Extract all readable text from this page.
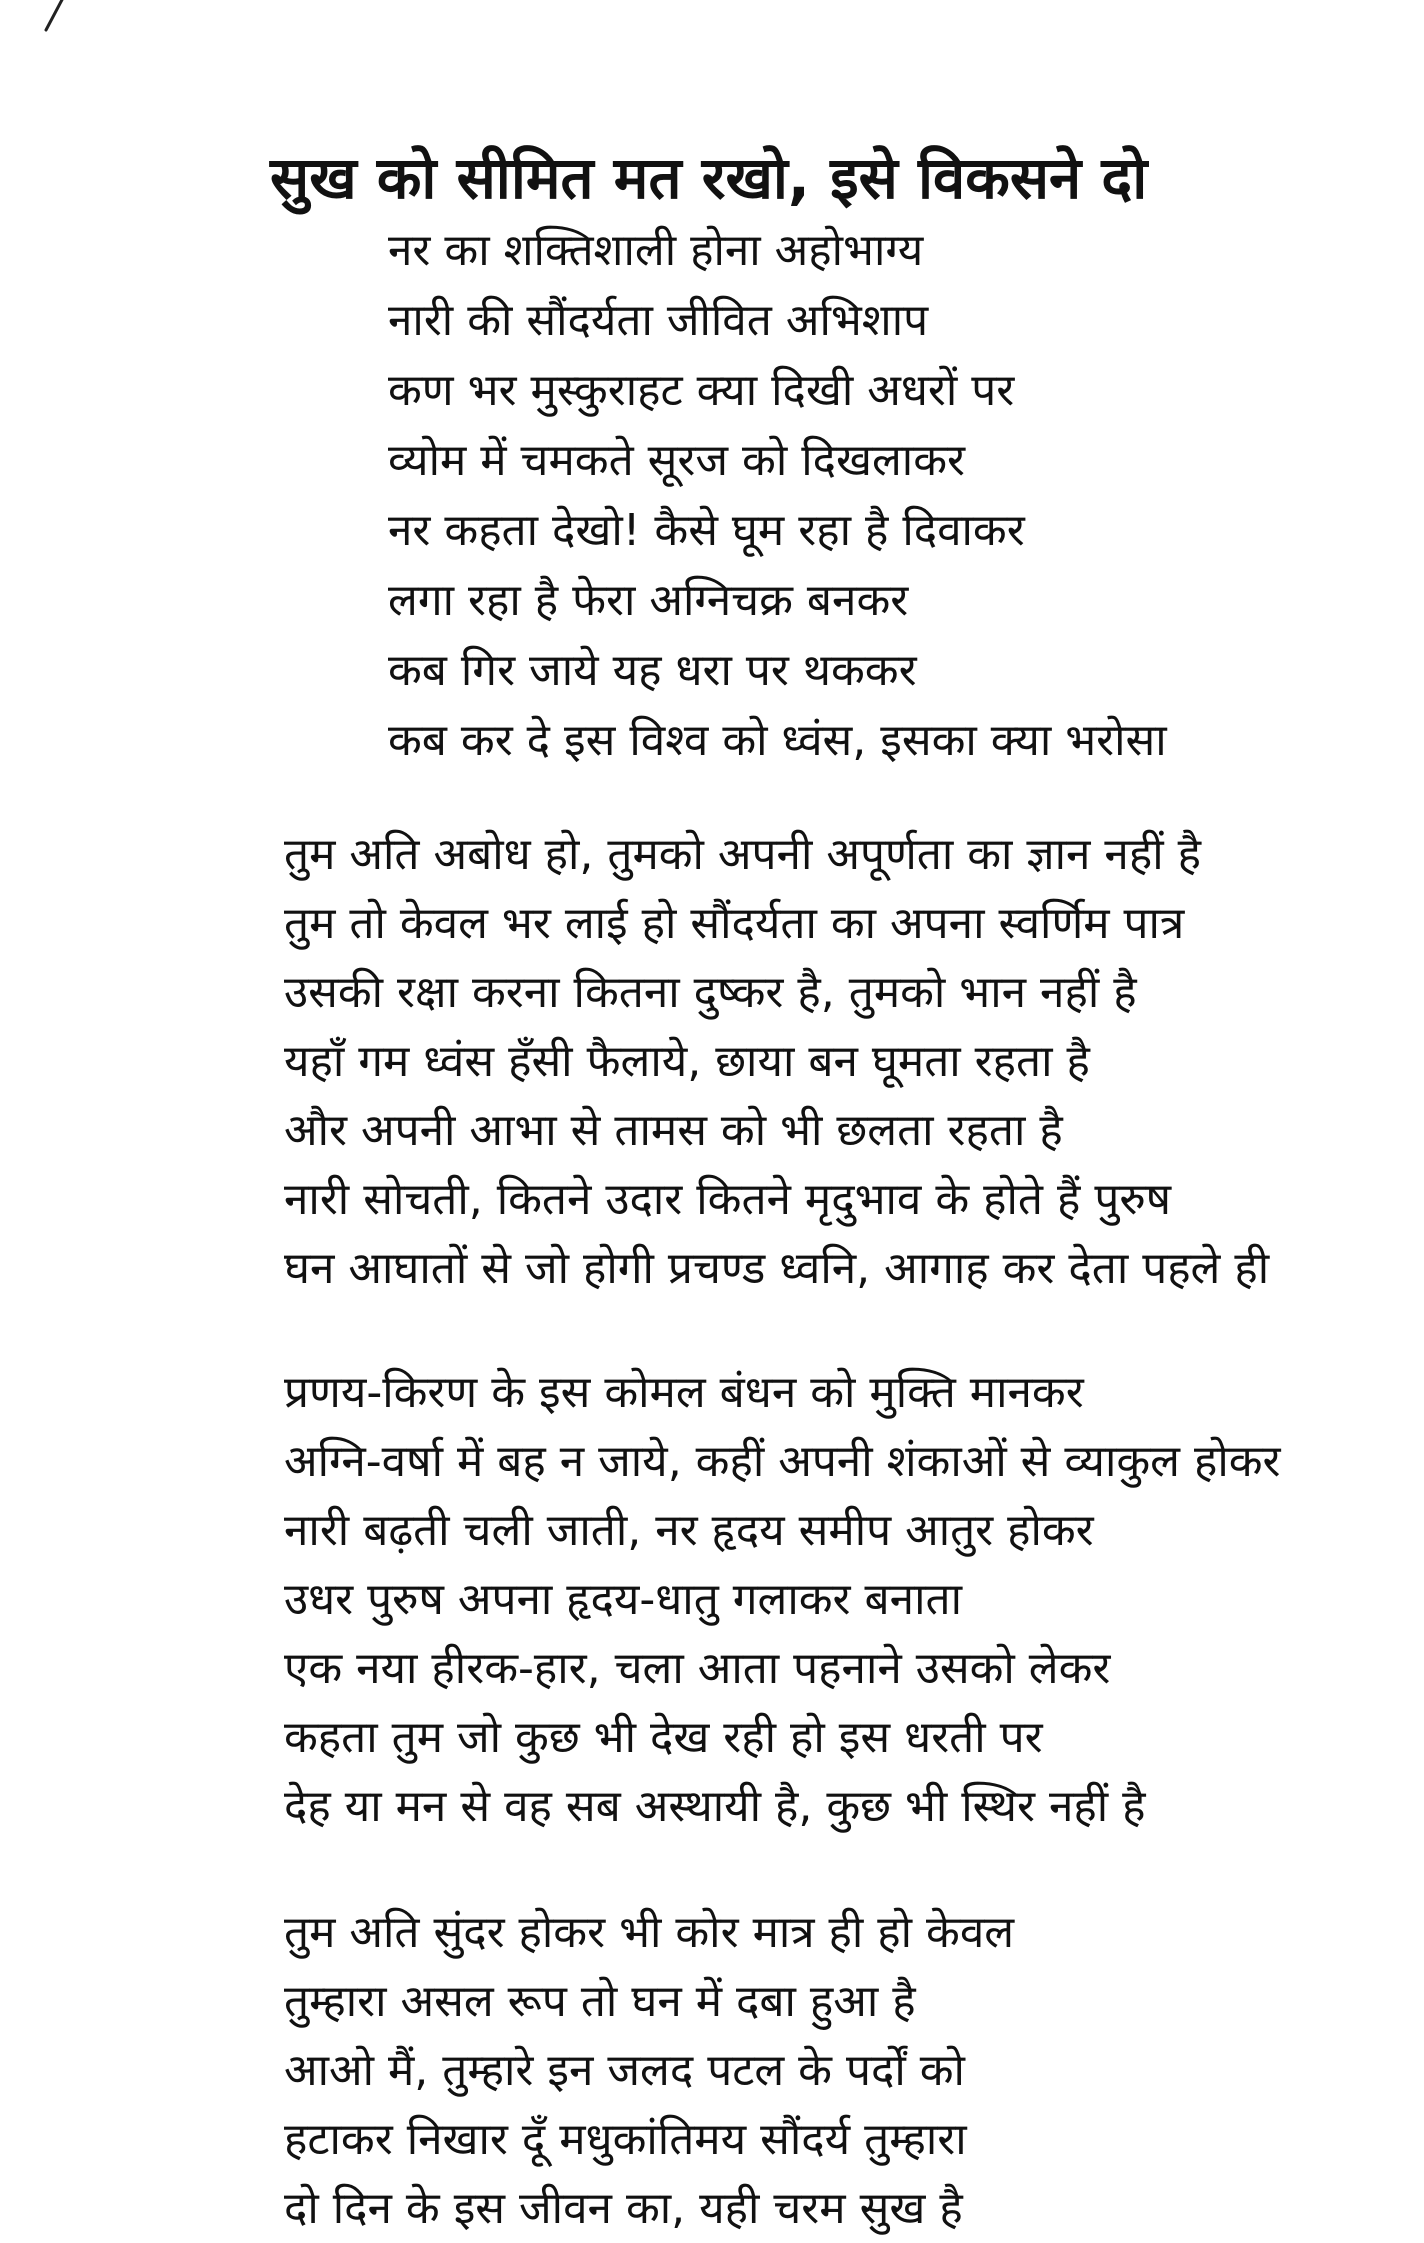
सुख को सीमित मत रखो, इसे विकसने दो
नर का शक्तिशाली होना अहोभाग्य
नारी की सौंदर्यता जीवित अभिशाप
कण भर मुस्कुराहट क्या दिखी अधरों पर
व्योम में चमकते सूरज को दिखलाकर
नर कहता देखो! कैसे घूम रहा है दिवाकर
लगा रहा है फेरा अग्निचक्र बनकर
कब गिर जाये यह धरा पर थककर
कब कर दे इस विश्व को ध्वंस, इसका क्या भरोसा
तुम अति अबोध हो, तुमको अपनी अपूर्णता का ज्ञान नहीं है
तुम तो केवल भर लाई हो सौंदर्यता का अपना स्वर्णिम पात्र
उसकी रक्षा करना कितना दुष्कर है, तुमको भान नहीं है
यहाँ गम ध्वंस हँसी फैलाये, छाया बन घूमता रहता है
और अपनी आभा से तामस को भी छलता रहता है
नारी सोचती, कितने उदार कितने मृदुभाव के होते हैं पुरुष
घन आघातों से जो होगी प्रचण्ड ध्वनि, आगाह कर देता पहले ही
प्रणय-किरण के इस कोमल बंधन को मुक्ति मानकर
अग्नि-वर्षा में बह न जाये, कहीं अपनी शंकाओं से व्याकुल होकर
नारी बढ़ती चली जाती, नर हृदय समीप आतुर होकर
उधर पुरुष अपना हृदय-धातु गलाकर बनाता
एक नया हीरक-हार, चला आता पहनाने उसको लेकर
कहता तुम जो कुछ भी देख रही हो इस धरती पर
देह या मन से वह सब अस्थायी है, कुछ भी स्थिर नहीं है
तुम अति सुंदर होकर भी कोर मात्र ही हो केवल
तुम्हारा असल रूप तो घन में दबा हुआ है
आओ मैं, तुम्हारे इन जलद पटल के पर्दों को
हटाकर निखार दूँ मधुकांतिमय सौंदर्य तुम्हारा
दो दिन के इस जीवन का, यही चरम सुख है
